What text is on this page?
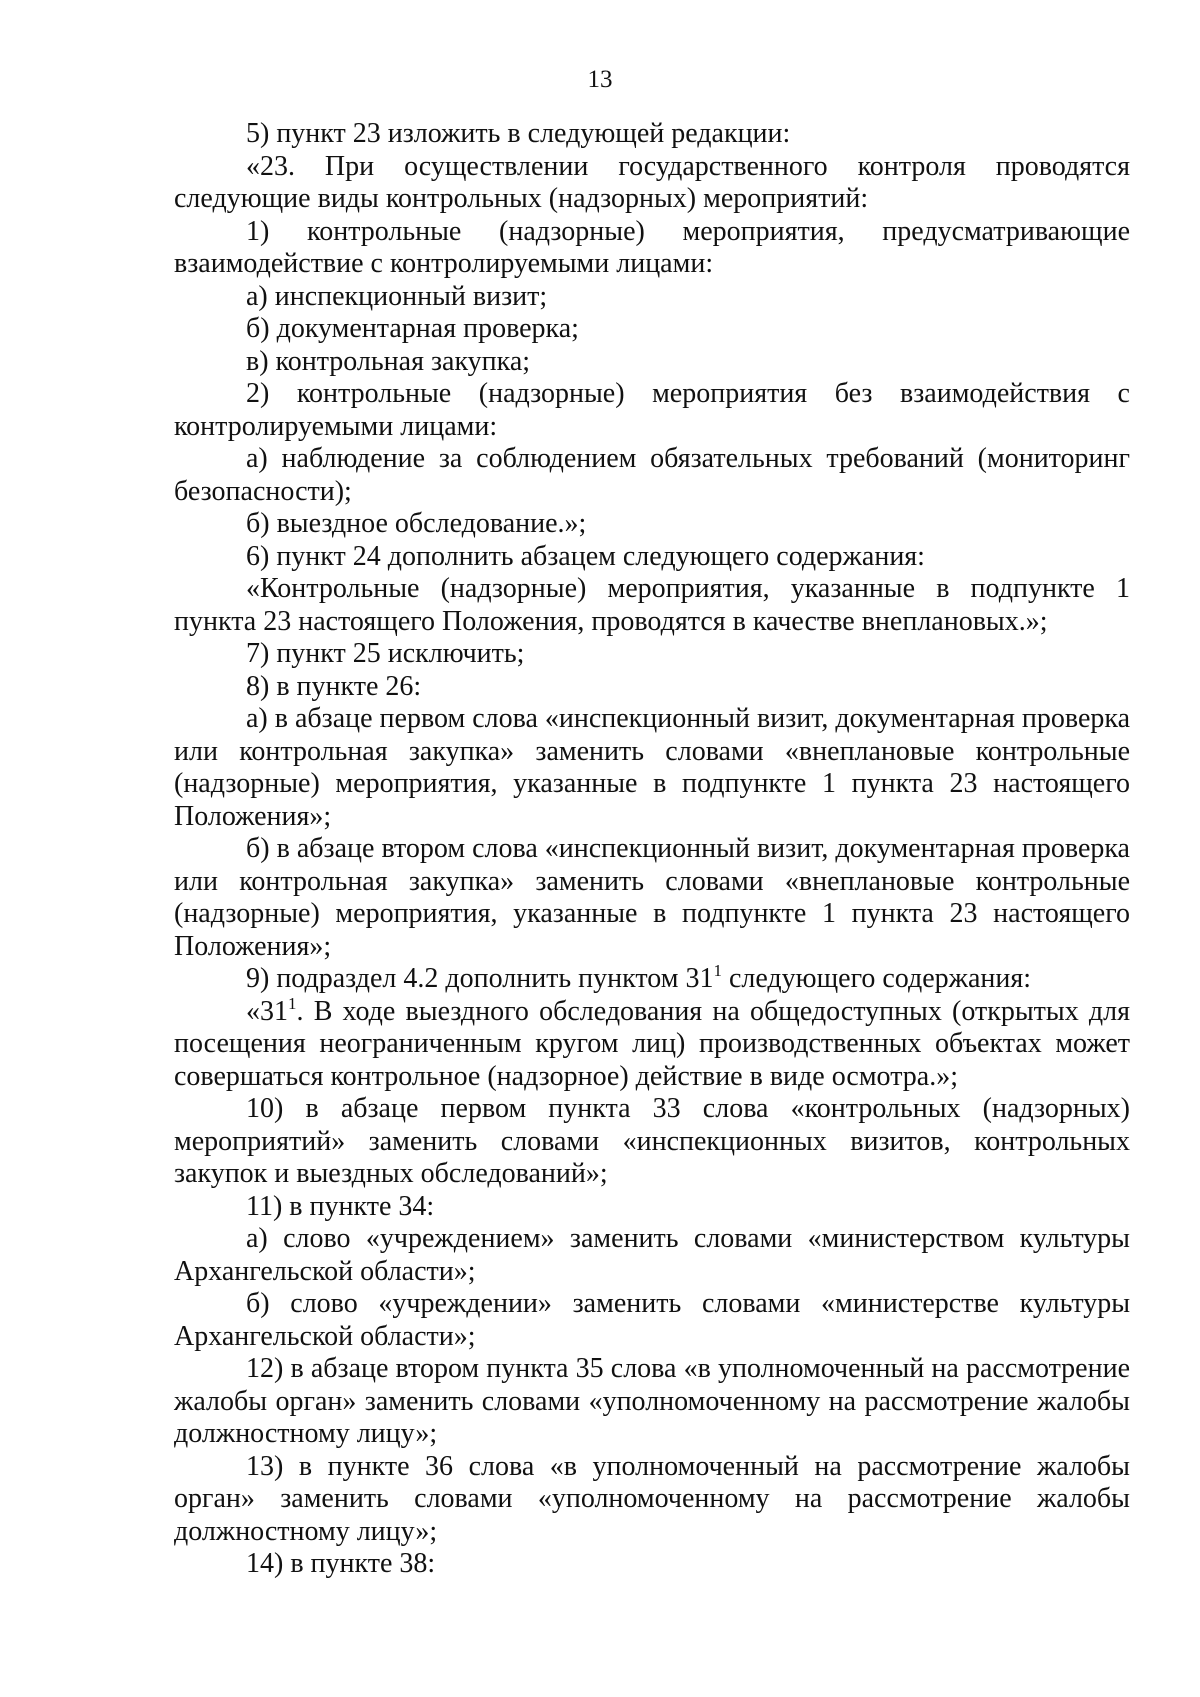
13

5) пункт 23 изложить в следующей редакции:

«23. При осуществлении государственного контроля проводятся следующие виды контрольных (надзорных) мероприятий:

1) контрольные (надзорные) мероприятия, предусматривающие взаимодействие с контролируемыми лицами:

а) инспекционный визит;

б) документарная проверка;

в) контрольная закупка;

2) контрольные (надзорные) мероприятия без взаимодействия с контролируемыми лицами:

а) наблюдение за соблюдением обязательных требований (мониторинг безопасности);

б) выездное обследование.»;

6) пункт 24 дополнить абзацем следующего содержания:

«Контрольные (надзорные) мероприятия, указанные в подпункте 1 пункта 23 настоящего Положения, проводятся в качестве внеплановых.»;

7) пункт 25 исключить;

8) в пункте 26:

а) в абзаце первом слова «инспекционный визит, документарная проверка или контрольная закупка» заменить словами «внеплановые контрольные (надзорные) мероприятия, указанные в подпункте 1 пункта 23 настоящего Положения»;

б) в абзаце втором слова «инспекционный визит, документарная проверка или контрольная закупка» заменить словами «внеплановые контрольные (надзорные) мероприятия, указанные в подпункте 1 пункта 23 настоящего Положения»;

9) подраздел 4.2 дополнить пунктом $31^1$ следующего содержания:

«$31^1$. В ходе выездного обследования на общедоступных (открытых для посещения неограниченным кругом лиц) производственных объектах может совершаться контрольное (надзорное) действие в виде осмотра.»;

10) в абзаце первом пункта 33 слова «контрольных (надзорных) мероприятий» заменить словами «инспекционных визитов, контрольных закупок и выездных обследований»;

11) в пункте 34:

а) слово «учреждением» заменить словами «министерством культуры Архангельской области»;

б) слово «учреждении» заменить словами «министерстве культуры Архангельской области»;

12) в абзаце втором пункта 35 слова «в уполномоченный на рассмотрение жалобы орган» заменить словами «уполномоченному на рассмотрение жалобы должностному лицу»;

13) в пункте 36 слова «в уполномоченный на рассмотрение жалобы орган» заменить словами «уполномоченному на рассмотрение жалобы должностному лицу»;

14) в пункте 38:
